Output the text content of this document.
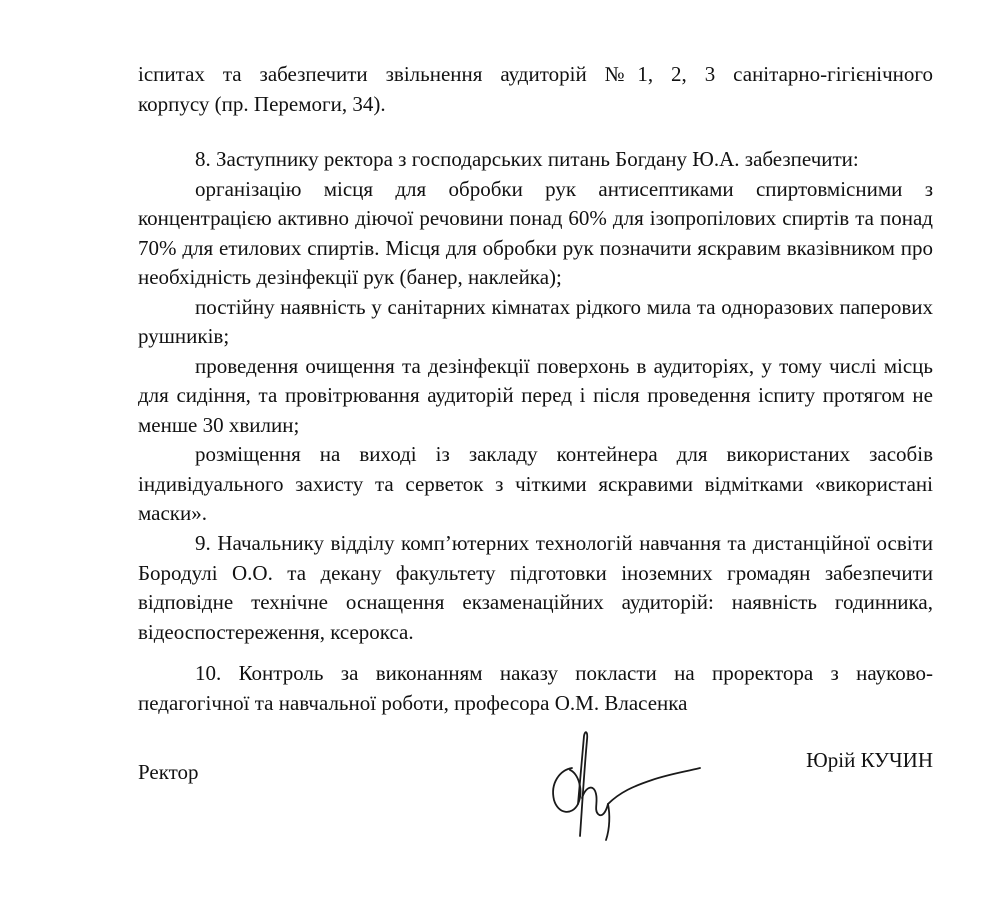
іспитах та забезпечити звільнення аудиторій №1, 2, 3 санітарно-гігієнічного

корпусу (пр. Перемоги, 34).

8. Заступнику ректора з господарських питань Богдану Ю.А. забезпечити:

організацію місця для обробки рук антисептиками спиртовмісними з концентрацією активно діючої речовини понад 60% для ізопропілових спиртів та понад 70% для етилових спиртів. Місця для обробки рук позначити яскравим вказівником про необхідність дезінфекції рук (банер, наклейка);

постійну наявність у санітарних кімнатах рідкого мила та одноразових паперових рушників;

проведення очищення та дезінфекції поверхонь в аудиторіях, у тому числі місць для сидіння, та провітрювання аудиторій перед і після проведення іспиту протягом не менше 30 хвилин;

розміщення на виході із закладу контейнера для використаних засобів індивідуального захисту та серветок з чіткими яскравими відмітками «використані маски».

9. Начальнику відділу комп’ютерних технологій навчання та дистанційної освіти Бородулі О.О. та декану факультету підготовки іноземних громадян забезпечити відповідне технічне оснащення екзаменаційних аудиторій: наявність годинника, відеоспостереження, ксерокса.

10. Контроль за виконанням наказу покласти на проректора з науково-педагогічної та навчальної роботи, професора О.М. Власенка

Ректор	Юрій КУЧИН
